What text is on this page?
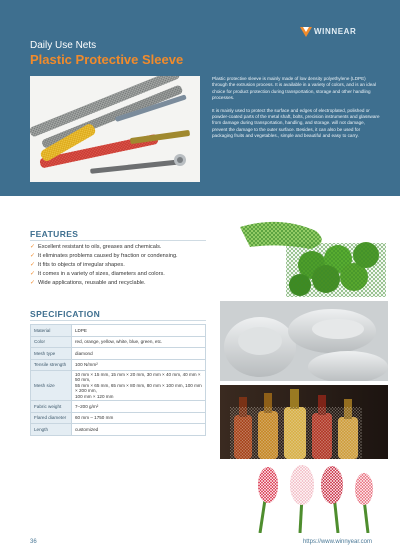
WINNEAR
Daily Use Nets
Plastic Protective Sleeve

Plastic protective sleeve is mainly made of low density polyethylene (LDPE) through the extrusion process. It is available in a variety of colors, and is an ideal choice for product protection during transportation, storage and other handling processes.

It is mainly used to protect the surface and edges of electroplated, polished or powder-coated parts of the metal shaft, bolts, precision instruments and glassware from damage during transportation, handling, and storage. will not damage, prevent the damage to the outer surface. Besides, it can also be used for packaging fruits and vegetables., simple and beautiful and easy to carry.

FEATURES
✓ Excellent resistant to oils, greases and chemicals.
✓ It eliminates problems caused by fraction or condensing.
✓ It fits to objects of irregular shapes.
✓ It comes in a variety of sizes, diameters and colors.
✓ Wide applications, reusable and recyclable.
SPECIFICATION
Material	LDPE
Color	red, orange, yellow, white, blue, green, etc.
Mesh type	diamond
Tensile strength	100 N/mm²
Mesh size	10 mm × 15 mm, 15 mm × 20 mm, 30 mm × 40 mm, 40 mm × 50 mm,
55 mm × 65 mm, 65 mm × 80 mm, 80 mm × 100 mm, 100 mm × 200 mm,
100 mm × 120 mm

Fabric weight	7–200 g/m²
Flared diameter	60 mm – 1750 mm
Length	customized
36	https://www.winnyear.com
